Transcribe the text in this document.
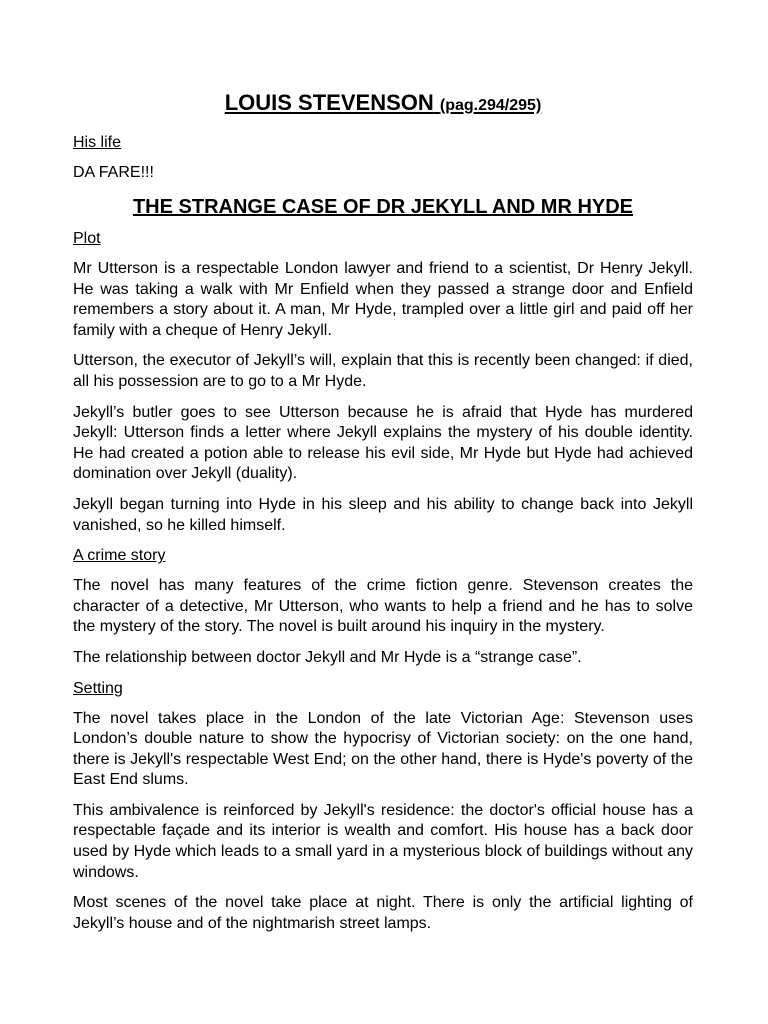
LOUIS STEVENSON (pag.294/295)
His life
DA FARE!!!
THE STRANGE CASE OF DR JEKYLL AND MR HYDE
Plot

Mr Utterson is a respectable London lawyer and friend to a scientist, Dr Henry Jekyll. He was taking a walk with Mr Enfield when they passed a strange door and Enfield remembers a story about it. A man, Mr Hyde, trampled over a little girl and paid off her family with a cheque of Henry Jekyll.

Utterson, the executor of Jekyll’s will, explain that this is recently been changed: if died, all his possession are to go to a Mr Hyde.

Jekyll’s butler goes to see Utterson because he is afraid that Hyde has murdered Jekyll: Utterson finds a letter where Jekyll explains the mystery of his double identity. He had created a potion able to release his evil side, Mr Hyde but Hyde had achieved domination over Jekyll (duality).

Jekyll began turning into Hyde in his sleep and his ability to change back into Jekyll vanished, so he killed himself.

A crime story

The novel has many features of the crime fiction genre. Stevenson creates the character of a detective, Mr Utterson, who wants to help a friend and he has to solve the mystery of the story. The novel is built around his inquiry in the mystery.

The relationship between doctor Jekyll and Mr Hyde is a “strange case”.

Setting

The novel takes place in the London of the late Victorian Age: Stevenson uses London’s double nature to show the hypocrisy of Victorian society: on the one hand, there is Jekyll's respectable West End; on the other hand, there is Hyde's poverty of the East End slums.

This ambivalence is reinforced by Jekyll's residence: the doctor's official house has a respectable façade and its interior is wealth and comfort. His house has a back door used by Hyde which leads to a small yard in a mysterious block of buildings without any windows.

Most scenes of the novel take place at night. There is only the artificial lighting of Jekyll’s house and of the nightmarish street lamps.
